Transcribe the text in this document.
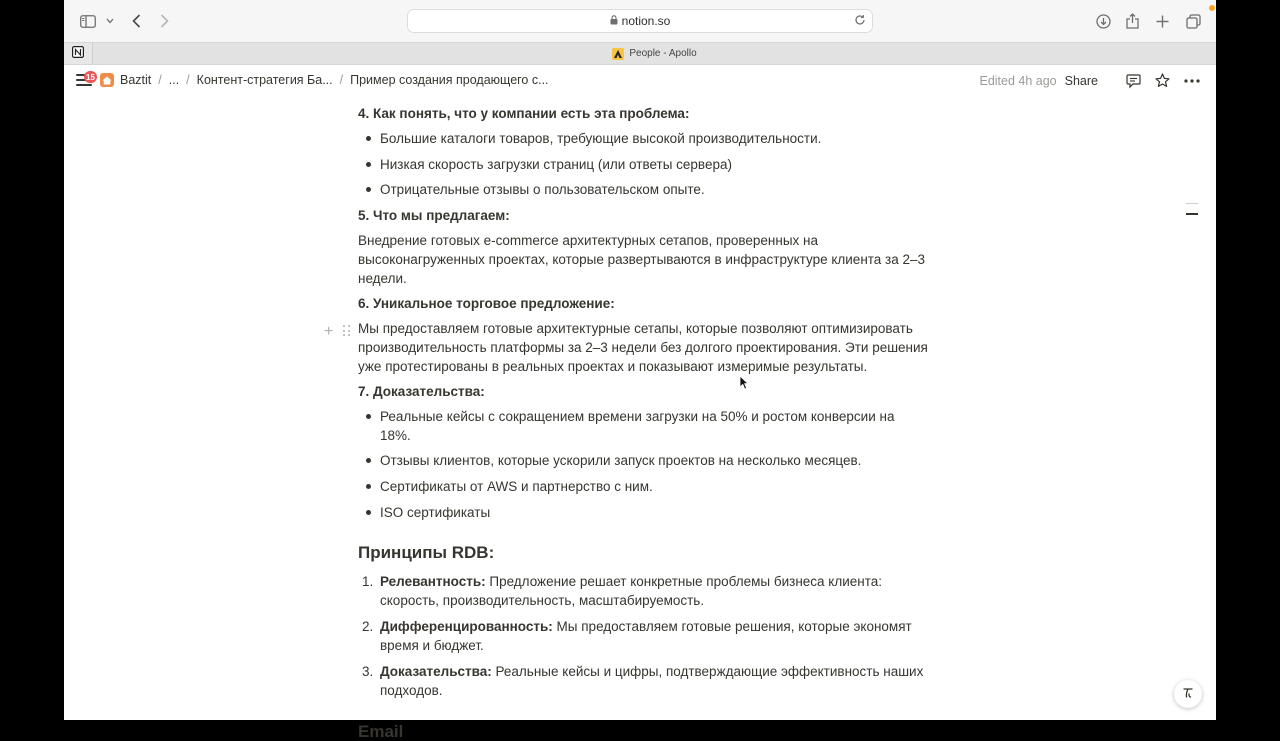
notion.so
People - Apollo
15 Baztit / ... / Контент-стратегия Ба... / Пример создания продающего с...	Edited 4h ago Share
+
4. Как понять, что у компании есть эта проблема:
Большие каталоги товаров, требующие высокой производительности.
Низкая скорость загрузки страниц (или ответы сервера)
Отрицательные отзывы о пользовательском опыте.
5. Что мы предлагаем:
Внедрение готовых e-commerce архитектурных сетапов, проверенных на высоконагруженных проектах, которые развертываются в инфраструктуре клиента за 2–3 недели.
6. Уникальное торговое предложение:
Мы предоставляем готовые архитектурные сетапы, которые позволяют оптимизировать производительность платформы за 2–3 недели без долгого проектирования. Эти решения уже протестированы в реальных проектах и показывают измеримые результаты.
7. Доказательства:
Реальные кейсы с сокращением времени загрузки на 50% и ростом конверсии на 18%.
Отзывы клиентов, которые ускорили запуск проектов на несколько месяцев.
Сертификаты от AWS и партнерство с ним.
ISO сертификаты
Принципы RDB:
1. Релевантность: Предложение решает конкретные проблемы бизнеса клиента: скорость, производительность, масштабируемость.
2. Дифференцированность: Мы предоставляем готовые решения, которые экономят время и бюджет.
3. Доказательства: Реальные кейсы и цифры, подтверждающие эффективность наших подходов.
Email
